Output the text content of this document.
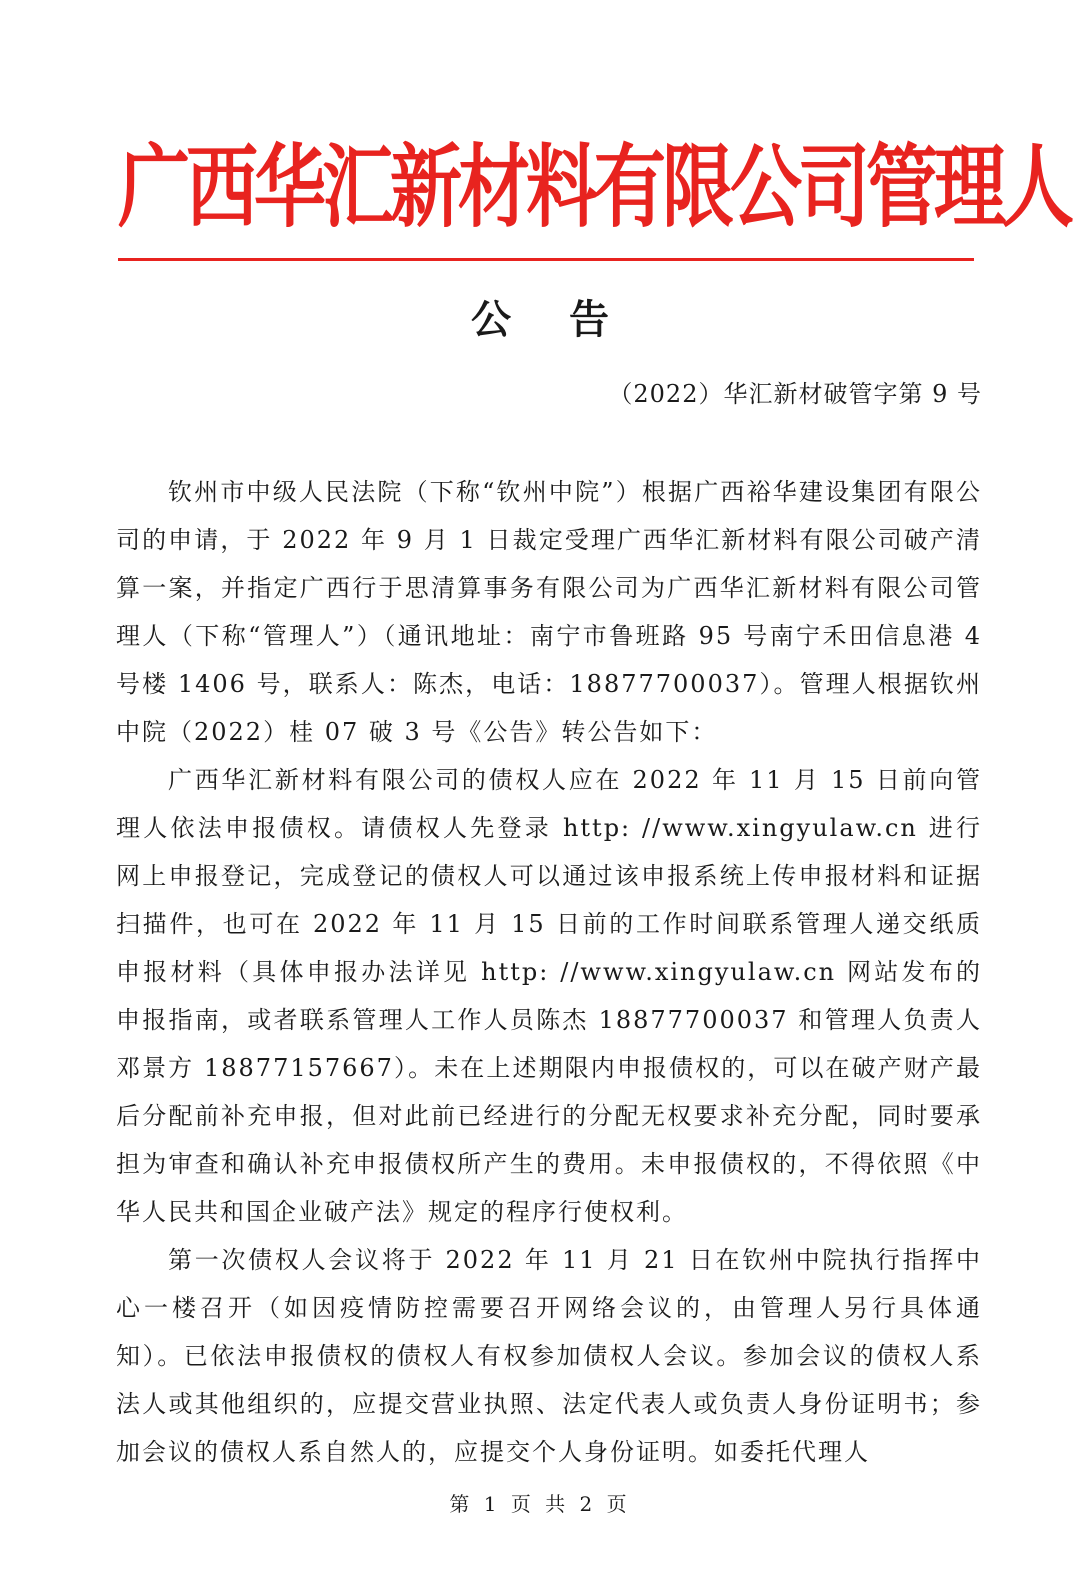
广西华汇新材料有限公司管理人
公 告
（2022）华汇新材破管字第 9 号

钦州市中级人民法院（下称“钦州中院”）根据广西裕华建设集团有限公司的申请，于 2022 年 9 月 1 日裁定受理广西华汇新材料有限公司破产清算一案，并指定广西行于思清算事务有限公司为广西华汇新材料有限公司管理人（下称“管理人”）（通讯地址：南宁市鲁班路 95 号南宁禾田信息港 4 号楼 1406 号，联系人：陈杰，电话：18877700037）。管理人根据钦州中院（2022）桂 07 破 3 号《公告》转公告如下：

广西华汇新材料有限公司的债权人应在 2022 年 11 月 15 日前向管理人依法申报债权。请债权人先登录 http: //www.xingyulaw.cn 进行网上申报登记，完成登记的债权人可以通过该申报系统上传申报材料和证据扫描件，也可在 2022 年 11 月 15 日前的工作时间联系管理人递交纸质申报材料（具体申报办法详见 http: //www.xingyulaw.cn 网站发布的申报指南，或者联系管理人工作人员陈杰 18877700037 和管理人负责人邓景方 18877157667）。未在上述期限内申报债权的，可以在破产财产最后分配前补充申报，但对此前已经进行的分配无权要求补充分配，同时要承担为审查和确认补充申报债权所产生的费用。未申报债权的，不得依照《中华人民共和国企业破产法》规定的程序行使权利。

第一次债权人会议将于 2022 年 11 月 21 日在钦州中院执行指挥中心一楼召开（如因疫情防控需要召开网络会议的，由管理人另行具体通知）。已依法申报债权的债权人有权参加债权人会议。参加会议的债权人系法人或其他组织的，应提交营业执照、法定代表人或负责人身份证明书；参加会议的债权人系自然人的，应提交个人身份证明。如委托代理人

第 1 页 共 2 页
